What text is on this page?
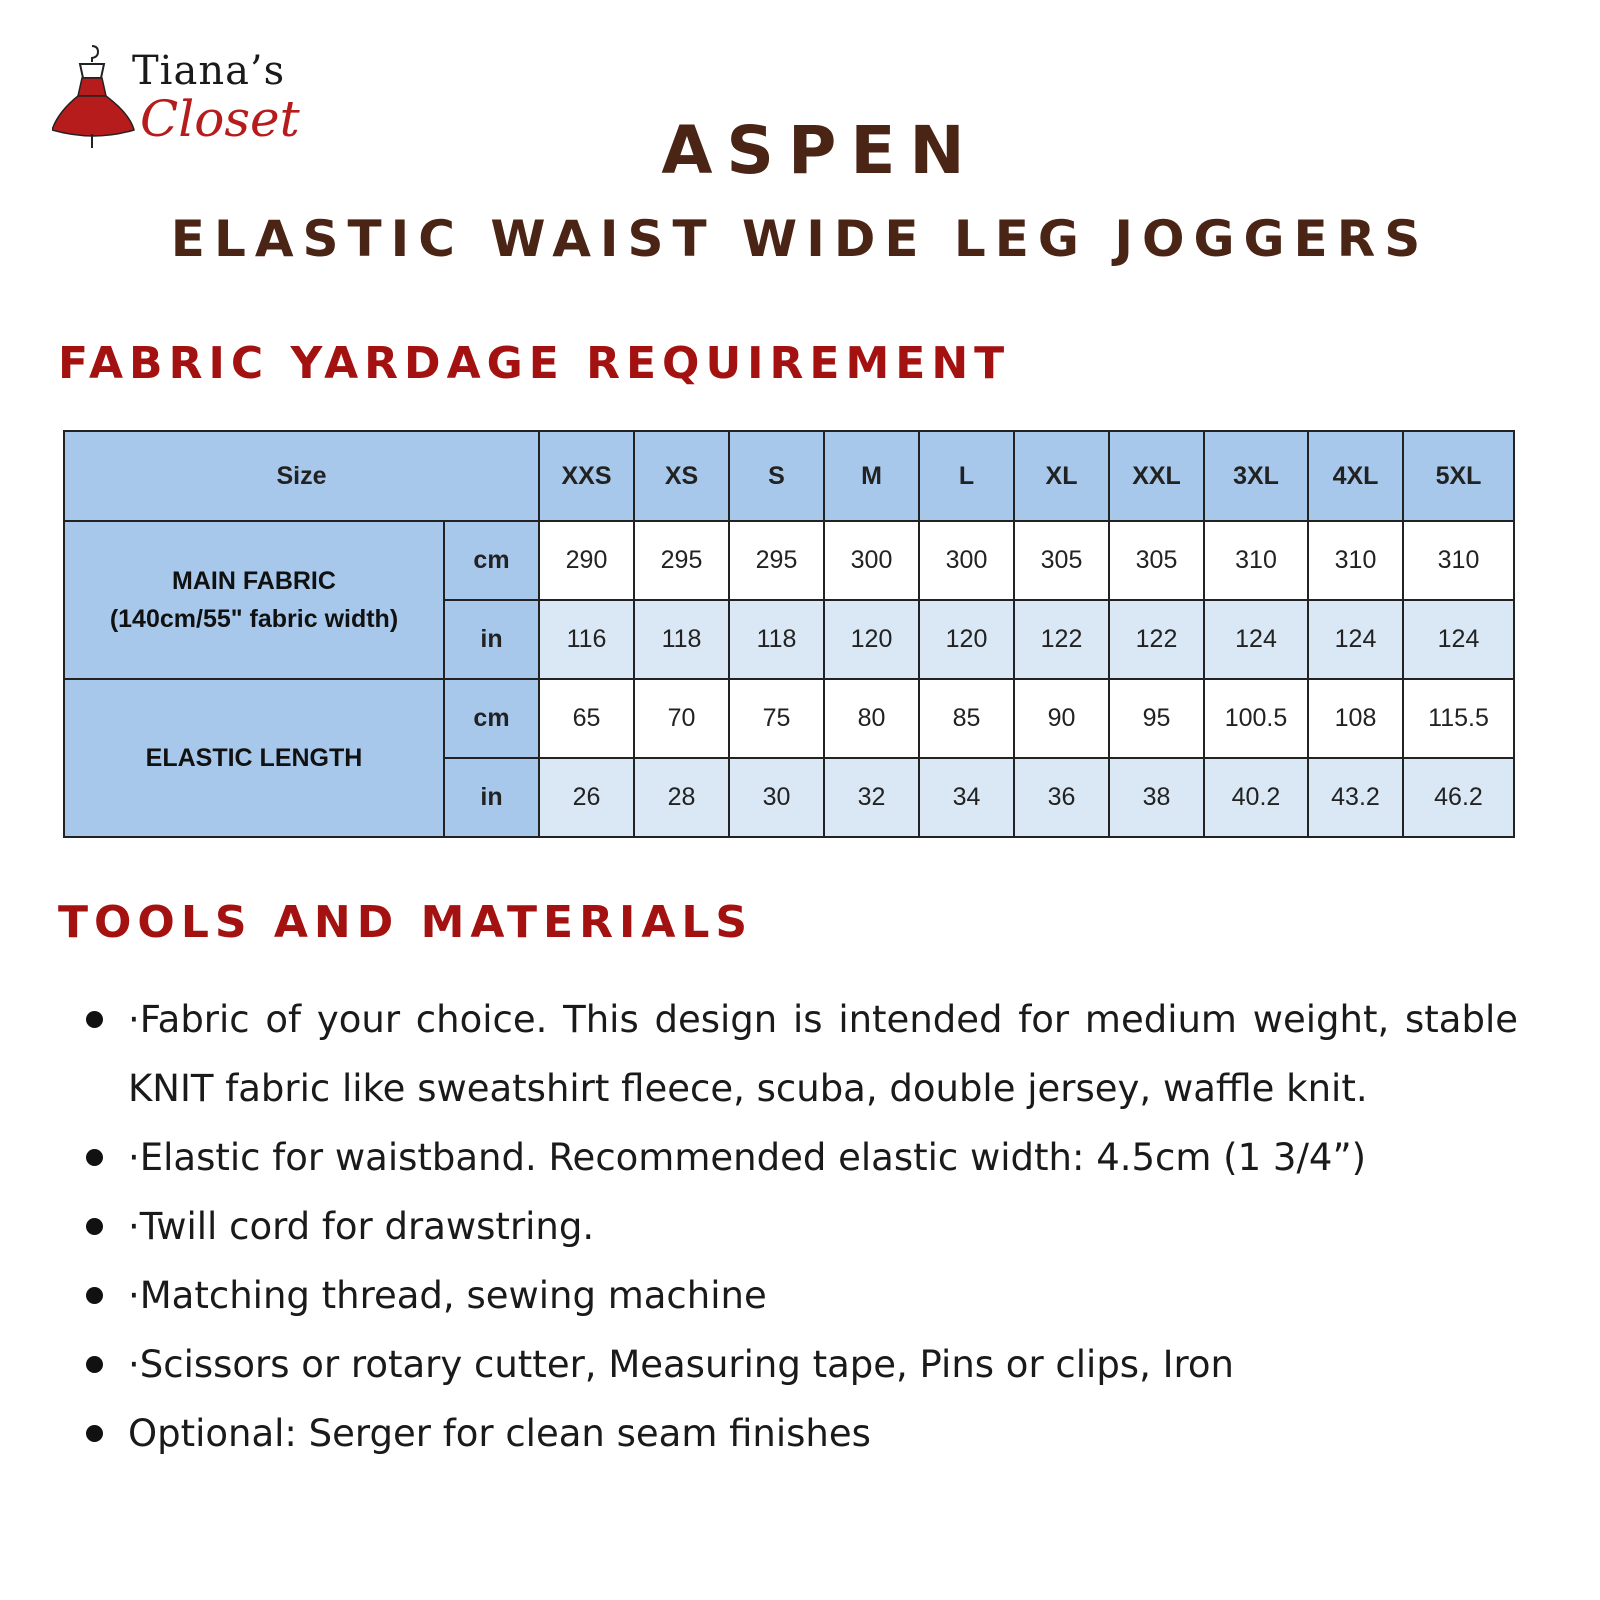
Tiana’s
Closet	ASPEN
ELASTIC WAIST WIDE LEG JOGGERS
FABRIC YARDAGE REQUIREMENT
Size		XXS	XS	S	M	L	XL	XXL	3XL	4XL	5XL

MAIN FABRIC
(140cm/55" fabric width)	cm	290	295	295	300	300	305	305	310	310	310
	in	116	118	118	120	120	122	122	124	124	124

ELASTIC LENGTH	cm	65	70	75	80	85	90	95	100.5	108	115.5
	in	26	28	30	32	34	36	38	40.2	43.2	46.2
TOOLS AND MATERIALS
·Fabric of your choice. This design is intended for medium weight, stable KNIT fabric like sweatshirt fleece, scuba, double jersey, waffle knit.
·Elastic for waistband. Recommended elastic width: 4.5cm (1 3/4”)
·Twill cord for drawstring.
·Matching thread, sewing machine
·Scissors or rotary cutter, Measuring tape, Pins or clips, Iron
Optional: Serger for clean seam finishes
